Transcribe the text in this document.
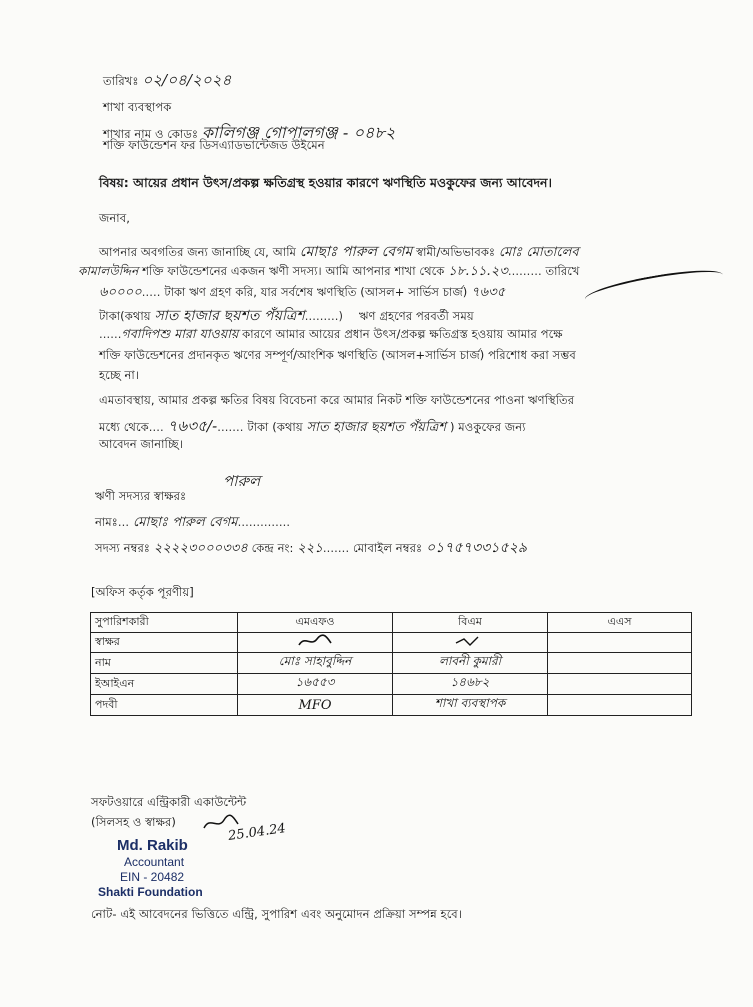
তারিখঃ ০২/০৪/২০২৪
শাখা ব্যবস্থাপক
শাখার নাম ও কোডঃ কালিগঞ্জ গোপালগঞ্জ - ০৪৮২
শক্তি ফাউন্ডেশন ফর ডিসএ্যাডভান্টেজড উইমেন
বিষয়: আয়ের প্রধান উৎস/প্রকল্প ক্ষতিগ্রস্থ হওয়ার কারণে ঋণস্থিতি মওকুফের জন্য আবেদন।
জনাব,
আপনার অবগতির জন্য জানাচ্ছি যে, আমি মোছাঃ পারুল বেগম স্বামী/অভিভাবকঃ মোঃ মোতালেব
কামালউদ্দিন শক্তি ফাউন্ডেশনের একজন ঋণী সদস্য। আমি আপনার শাখা থেকে ১৮.১১.২৩......... তারিখে
৬০০০০..... টাকা ঋণ গ্রহণ করি, যার সর্বশেষ ঋণস্থিতি (আসল+ সার্ভিস চার্জ) ৭৬৩৫
টাকা(কথায় সাত হাজার ছয়শত পঁয়ত্রিশ.........) ঋণ গ্রহণের পরবর্তী সময়
......গবাদিপশু মারা যাওয়ায় কারণে আমার আয়ের প্রধান উৎস/প্রকল্প ক্ষতিগ্রস্ত হওয়ায় আমার পক্ষে
শক্তি ফাউন্ডেশনের প্রদানকৃত ঋণের সম্পূর্ণ/আংশিক ঋণস্থিতি (আসল+সার্ভিস চার্জ) পরিশোধ করা সম্ভব
হচ্ছে না।
এমতাবস্থায়, আমার প্রকল্প ক্ষতির বিষয় বিবেচনা করে আমার নিকট শক্তি ফাউন্ডেশনের পাওনা ঋণস্থিতির
মধ্যে থেকে.... ৭৬৩৫/-....... টাকা (কথায় সাত হাজার ছয়শত পঁয়ত্রিশ ) মওকুফের জন্য
আবেদন জানাচ্ছি।
পারুল
ঋণী সদস্যর স্বাক্ষরঃ
নামঃ... মোছাঃ পারুল বেগম..............
সদস্য নম্বরঃ ২২২২৩০০০৩৩৪ কেন্দ্র নং: ২২১....... মোবাইল নম্বরঃ ০১৭৫৭৩৩১৫২৯
[অফিস কর্তৃক পূরণীয়]
সুপারিশকারী	এমএফও	বিএম	এএস
স্বাক্ষর			
নাম	মোঃ সাহাবুদ্দিন	লাবনী কুমারী	
ইআইএন	১৬৫৫৩	১৪৬৮২	
পদবী	MFO	শাখা ব্যবস্থাপক	
সফটওয়ারে এন্ট্রিকারী একাউন্টেন্ট
(সিলসহ ও স্বাক্ষর)	25.04.24
Md. Rakib
Accountant
EIN - 20482
Shakti Foundation
নোট- এই আবেদনের ভিত্তিতে এন্ট্রি, সুপারিশ এবং অনুমোদন প্রক্রিয়া সম্পন্ন হবে।
